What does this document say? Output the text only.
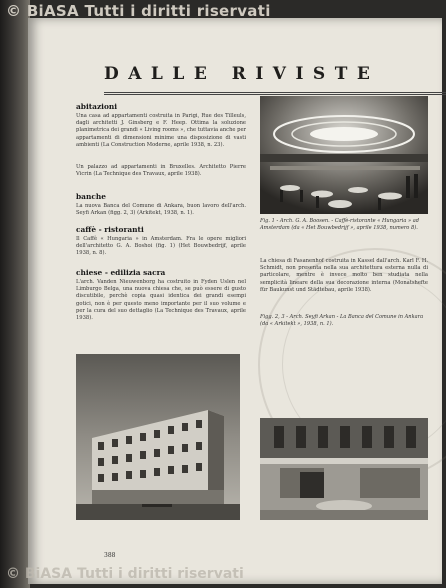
DALLE RIVISTE
abitazioni

Una casa ad appartamenti costruita in Parigi, Rue des Tilleuls, dagli architetti J. Ginsberg e F. Heep. Ottima la soluzione planimetrica dei grandi « Living rooms », che tuttavia anche per appartamenti di dimensioni minime una disposizione di vasti ambienti (La Construction Moderne, aprile 1938, n. 23).

Un palazzo ad appartamenti in Bruxelles. Architetto Pierre Vicrin (La Technique des Travaux, aprile 1938).

banche

La nuova Banca del Comune di Ankara, buon lavoro dell'arch. Seyfi Arkan (figg. 2, 3) (Arkitekt, 1938, n. 1).

caffè - ristoranti

Il Caffè « Hungaria » in Amsterdam. Fra le opere migliori dell'architetto G. A. Boshoi (fig. 1) (Het Bouwbedrijf, aprile 1938, n. 8).

chiese - edilizia sacra

L'arch. Vanden Nieuwenborg ha costruito in Fyden Uslen nel Limburgo Belga, una nuova chiesa che, se può essere di gusto discutibile, perchè copia quasi identica dei grandi esempi gotici, non è per questo meno importante per il suo volume e per la cura del suo dettaglio (La Technique des Travaux, aprile 1938).

Fig. 1 - Arch. G. A. Boosen. - Caffè-ristorante « Hungaria » ad Amsterdam (da « Het Bouwbedrijf », aprile 1938, numero 8).

La chiesa di Fasanenhof costruita in Kassel dall'arch. Karl F. H. Schmidt, non presenta nella sua architettura esterna nulla di particolare, mentre è invece molto ben studiata nella semplicità lineare della sua decorazione interna (Monatshefte für Baukunst und Städtebau, aprile 1938).

Figg. 2, 3 - Arch. Seyfi Arkan - La Banca del Comune in Ankara (da « Arkitekt », 1938, n. 1).

388
© BiASA Tutti i diritti riservati
© BiASA Tutti i diritti riservati
